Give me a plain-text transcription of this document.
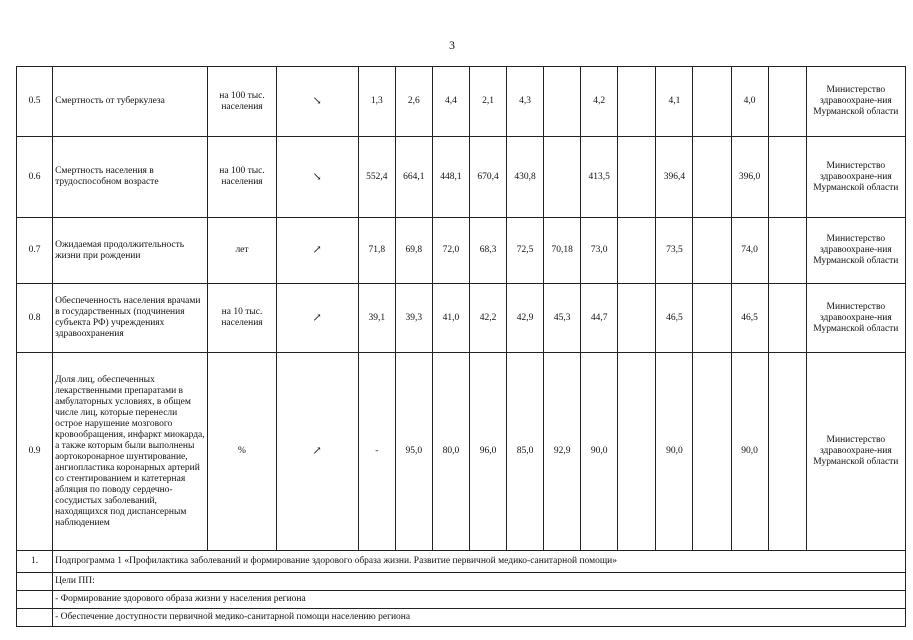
3
0.5	Смертность от туберкулеза	на 100 тыс. населения	↘	1,3	2,6	4,4	2,1	4,3		4,2		4,1		4,0		Министерство здравоохране-ния Мурманской области
0.6	Смертность населения в трудоспособном возрасте	на 100 тыс. населения	↘	552,4	664,1	448,1	670,4	430,8		413,5		396,4		396,0		Министерство здравоохране-ния Мурманской области
0.7	Ожидаемая продолжительность жизни при рождении	лет	↗	71,8	69,8	72,0	68,3	72,5	70,18	73,0		73,5		74,0		Министерство здравоохране-ния Мурманской области
0.8	Обеспеченность населения врачами в государственных (подчинения субъекта РФ) учреждениях здравоохранения	на 10 тыс. населения	↗	39,1	39,3	41,0	42,2	42,9	45,3	44,7		46,5		46,5		Министерство здравоохране-ния Мурманской области
0.9	Доля лиц, обеспеченных лекарственными препаратами в амбулаторных условиях, в общем числе лиц, которые перенесли острое нарушение мозгового кровообращения, инфаркт миокарда, а также которым были выполнены аортокоронарное шунтирование, ангиопластика коронарных артерий со стентированием и катетерная абляция по поводу сердечно-сосудистых заболеваний, находящихся под диспансерным наблюдением	%	↗	-	95,0	80,0	96,0	85,0	92,9	90,0		90,0		90,0		Министерство здравоохране-ния Мурманской области
1.	Подпрограмма 1 «Профилактика заболеваний и формирование здорового образа жизни. Развитие первичной медико-санитарной помощи»															
	Цели ПП:															
	- Формирование здорового образа жизни у населения региона															
	- Обеспечение доступности первичной медико-санитарной помощи населению региона															
